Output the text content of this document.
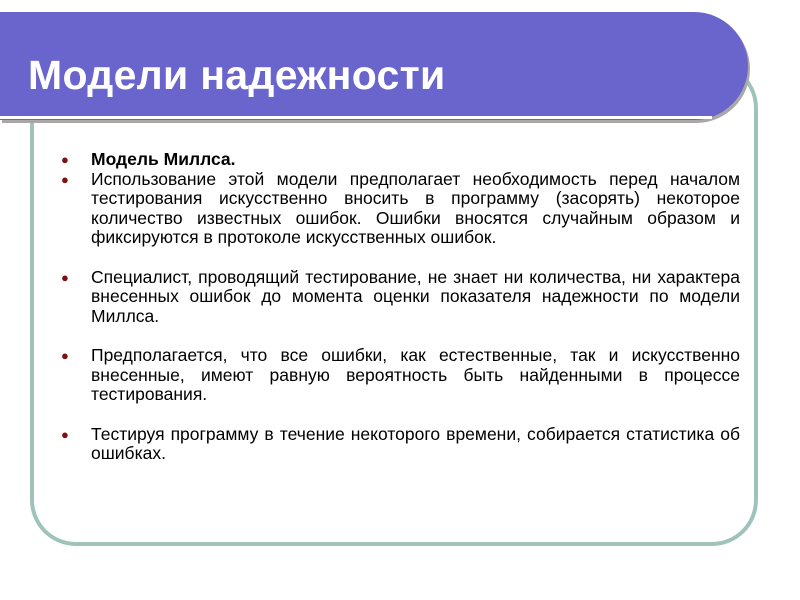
Модели надежности
● Модель Миллса.
● Использование этой модели предполагает необходимость перед началом тестирования искусственно вносить в программу (засорять) некоторое количество известных ошибок. Ошибки вносятся случайным образом и фиксируются в протоколе искусственных ошибок.
● Специалист, проводящий тестирование, не знает ни количества, ни характера внесенных ошибок до момента оценки показателя надежности по модели Миллса.
● Предполагается, что все ошибки, как естественные, так и искусственно внесенные, имеют равную вероятность быть найденными в процессе тестирования.
● Тестируя программу в течение некоторого времени, собирается статистика об ошибках.
